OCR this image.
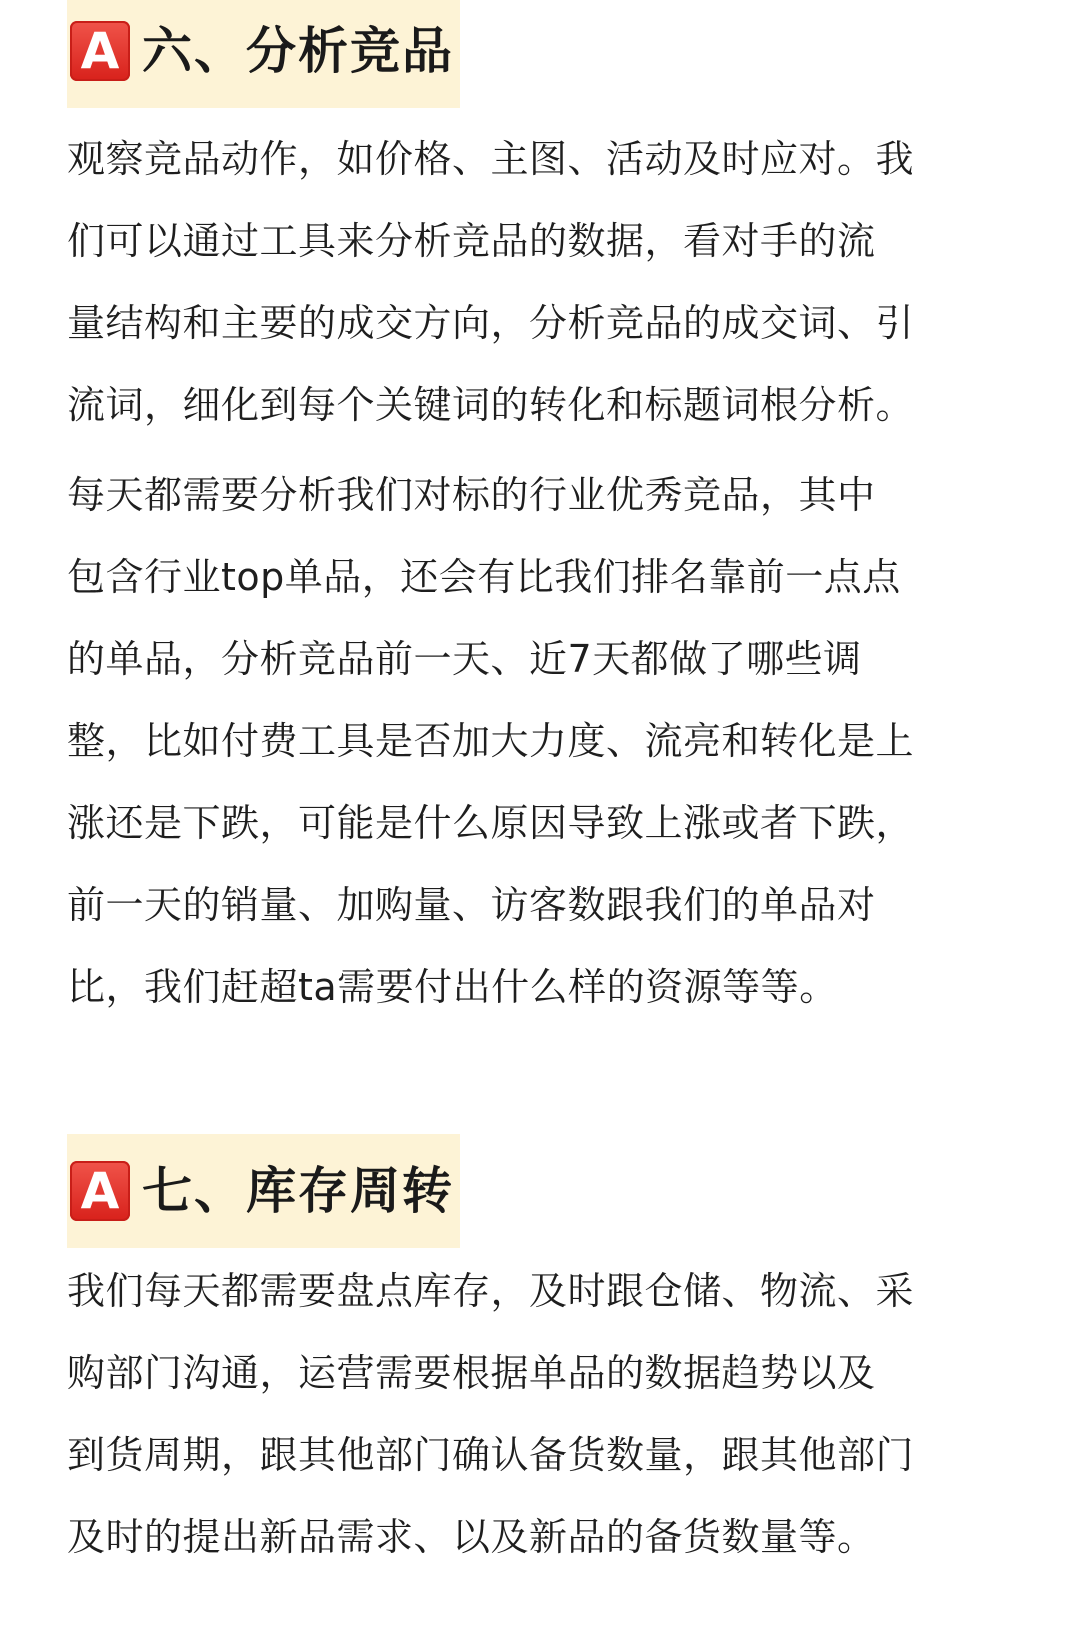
A 六、分析竞品
观察竞品动作，如价格、主图、活动及时应对。我
们可以通过工具来分析竞品的数据，看对手的流
量结构和主要的成交方向，分析竞品的成交词、引
流词，细化到每个关键词的转化和标题词根分析。
每天都需要分析我们对标的行业优秀竞品，其中
包含行业top单品，还会有比我们排名靠前一点点
的单品，分析竞品前一天、近7天都做了哪些调
整，比如付费工具是否加大力度、流亮和转化是上
涨还是下跌，可能是什么原因导致上涨或者下跌，
前一天的销量、加购量、访客数跟我们的单品对
比，我们赶超ta需要付出什么样的资源等等。
A 七、库存周转
我们每天都需要盘点库存，及时跟仓储、物流、采
购部门沟通，运营需要根据单品的数据趋势以及
到货周期，跟其他部门确认备货数量，跟其他部门
及时的提出新品需求、以及新品的备货数量等。
